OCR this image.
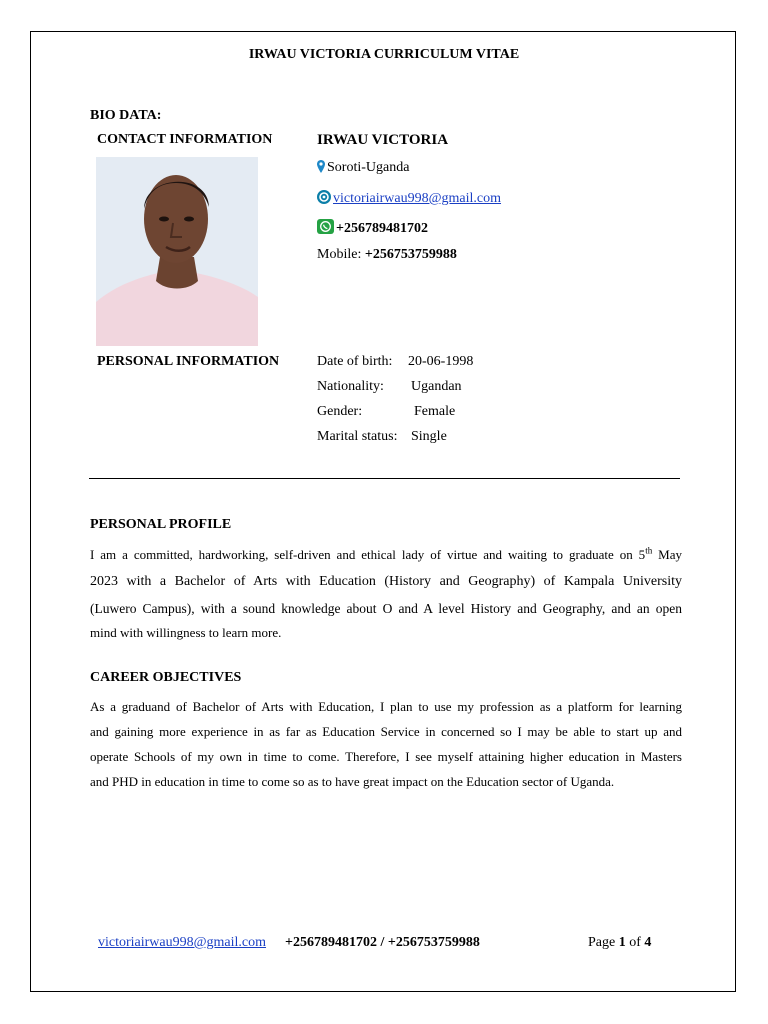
IRWAU VICTORIA CURRICULUM VITAE
BIO DATA:
CONTACT INFORMATION	IRWAU VICTORIA
Soroti-Uganda
victoriairwau998@gmail.com
+256789481702
Mobile: +256753759988
PERSONAL INFORMATION	Date of birth: 20-06-1998
Nationality: Ugandan
Gender:	Female
Marital status: Single
PERSONAL PROFILE
I am a committed, hardworking, self-driven and ethical lady of virtue and waiting to graduate on 5th May
2023 with a Bachelor of Arts with Education (History and Geography) of Kampala University
(Luwero Campus), with a sound knowledge about O and A level History and Geography, and an open
mind with willingness to learn more.
CAREER OBJECTIVES
As a graduand of Bachelor of Arts with Education, I plan to use my profession as a platform for learning
and gaining more experience in as far as Education Service in concerned so I may be able to start up and
operate Schools of my own in time to come. Therefore, I see myself attaining higher education in Masters
and PHD in education in time to come so as to have great impact on the Education sector of Uganda.
victoriairwau998@gmail.com +256789481702 / +256753759988	Page 1 of 4
